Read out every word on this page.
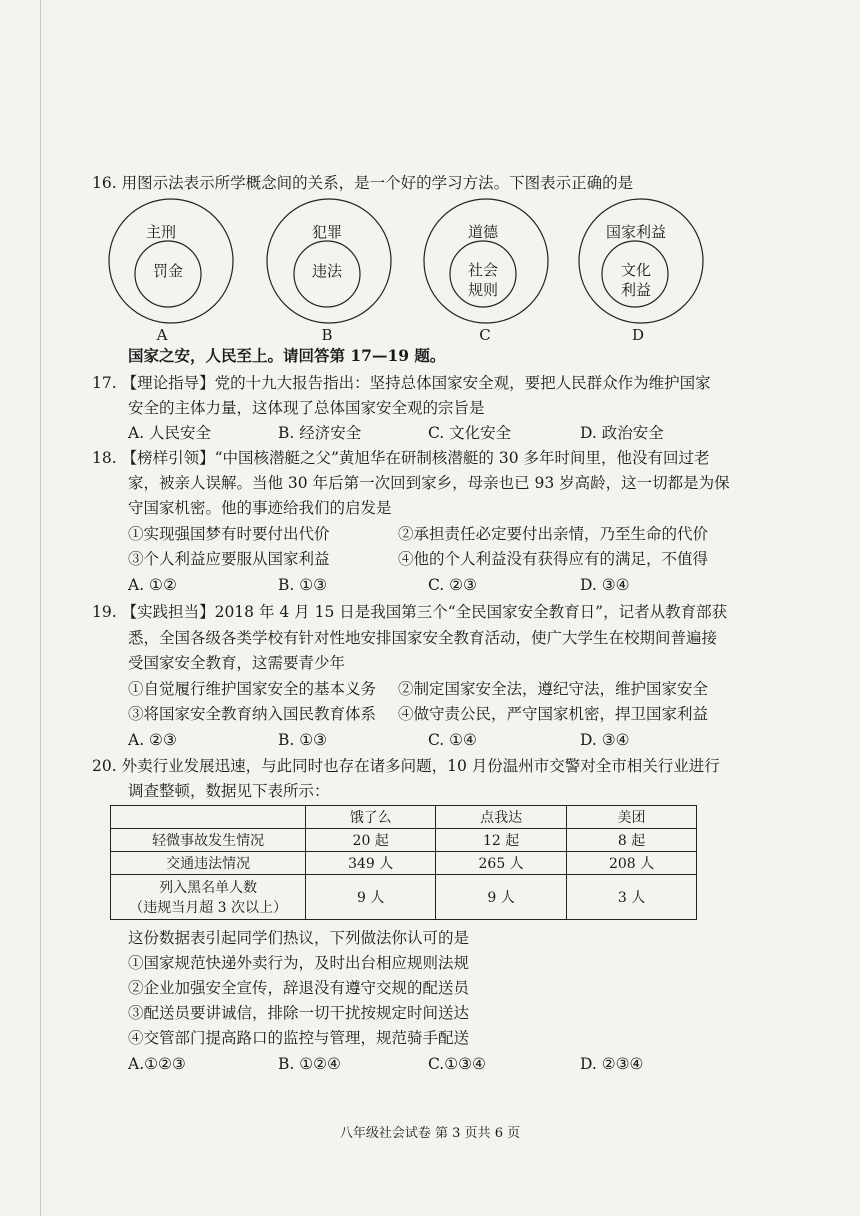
16. 用图示法表示所学概念间的关系，是一个好的学习方法。下图表示正确的是
主刑
罚金
A
犯罪
违法
B
道德
社会
规则
C
国家利益
文化
利益
D
国家之安，人民至上。请回答第 17—19 题。
17. 【理论指导】党的十九大报告指出：坚持总体国家安全观，要把人民群众作为维护国家
安全的主体力量，这体现了总体国家安全观的宗旨是
A. 人民安全	B. 经济安全	C. 文化安全	D. 政治安全
18. 【榜样引领】“中国核潜艇之父”黄旭华在研制核潜艇的 30 多年时间里，他没有回过老
家，被亲人误解。当他 30 年后第一次回到家乡，母亲也已 93 岁高龄，这一切都是为保
守国家机密。他的事迹给我们的启发是
①实现强国梦有时要付出代价	②承担责任必定要付出亲情，乃至生命的代价
③个人利益应要服从国家利益	④他的个人利益没有获得应有的满足，不值得
A. ①②	B. ①③	C. ②③	D. ③④
19. 【实践担当】2018 年 4 月 15 日是我国第三个“全民国家安全教育日”，记者从教育部获
悉，全国各级各类学校有针对性地安排国家安全教育活动，使广大学生在校期间普遍接
受国家安全教育，这需要青少年
①自觉履行维护国家安全的基本义务 ②制定国家安全法，遵纪守法，维护国家安全
③将国家安全教育纳入国民教育体系 ④做守责公民，严守国家机密，捍卫国家利益
A. ②③	B. ①③	C. ①④	D. ③④
20. 外卖行业发展迅速，与此同时也存在诸多问题，10 月份温州市交警对全市相关行业进行
调查整顿，数据见下表所示：
	饿了么	点我达	美团
轻微事故发生情况	20 起	12 起	8 起
交通违法情况	349 人	265 人	208 人

列入黑名单人数
（违规当月超 3 次以上）	9 人	9 人	3 人
这份数据表引起同学们热议，下列做法你认可的是
①国家规范快递外卖行为，及时出台相应规则法规
②企业加强安全宣传，辞退没有遵守交规的配送员
③配送员要讲诚信，排除一切干扰按规定时间送达
④交管部门提高路口的监控与管理，规范骑手配送
A.①②③	B. ①②④	C.①③④	D. ②③④
八年级社会试卷 第 3 页共 6 页
